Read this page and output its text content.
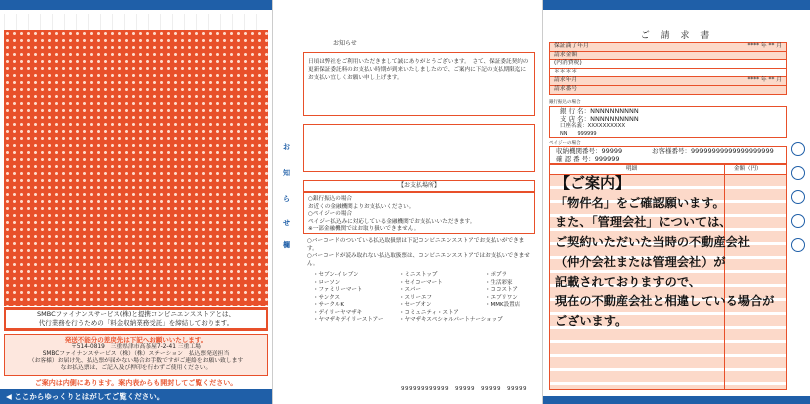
SMBCファイナンスサービス(株)と提携コンビニエンスストアとは、
代行業務を行うための「料金収納業務受託」を締結しております。
発送不能分の差戻先は下記へお願いいたします。
〒514-0819　三重県津市高茶屋7-2-41 三重工場
SMBCファイナンスサービス（株）（株）ステーション　払込票発送担当
（お客様）お届け先、払込票が届かない場合お手数ですがご連絡をお願い致します
なお払込票は、ご記入及び押印を行わずご使用ください。
ご案内は内側にあります。案内表からも開封してご覧ください。
◀ ここからゆっくりとはがしてご覧ください。
お知らせ
日頃は弊社をご利用いただきまして誠にありがとうございます。　さて、保証委託契約の更新保証委託料のお支払い時期が到来いたしましたので、ご案内に下記の支払期限迄にお支払い宜しくお願い申し上げます。
お
知
ら
せ
欄
【お支払場所】
○銀行振込の場合
お近くの金融機関よりお支払いください。
○ペイジーの場合
ペイジー払込みに対応している金融機関でお支払いいただきます。
※一部金融機関ではお取り扱いできません。
○バーコードのついている払込取扱票は下記コンビニエンスストアでお支払いができます。
○バーコードが読み取れない払込取扱票は、コンビニエンスストアではお支払いできません。
・セブン-イレブン	・ミニストップ	・ポプラ
・ローソン	・セイコーマート	・生活彩家
・ファミリーマート	・スパー	・ココストア
・サンクス	・スリーエフ	・エブリワン
・サークルK	・セーブオン	・MMK設置店
・デイリーヤマザキ	・コミュニティ・ストア
・ヤマザキデイリーストアー	・ヤマザキスペシャルパートナーショップ
999999999999　99999　99999　99999
ご 請 求 書
保証満了年月	**** 年 ** 月
請求金額
(内消費税)
＊＊＊＊
請求年月	**** 年 ** 月
請求番号
銀行振込の場合
銀 行 名：NNNNNNNNNN
支 店 名：NNNNNNNNNN
口座名義：XXXXXXXXXX
NN　　999999
ペイジーの場合
収納機関番号：99999
確 認 番 号：999999
お客様番号：99999999999999999999
明細	金額（円）
【ご案内】
「物件名」をご確認願います。
また、「管理会社」については、
ご契約いただいた当時の不動産会社
（仲介会社または管理会社）が
記載されておりますので、
現在の不動産会社と相違している場合が
ございます。
